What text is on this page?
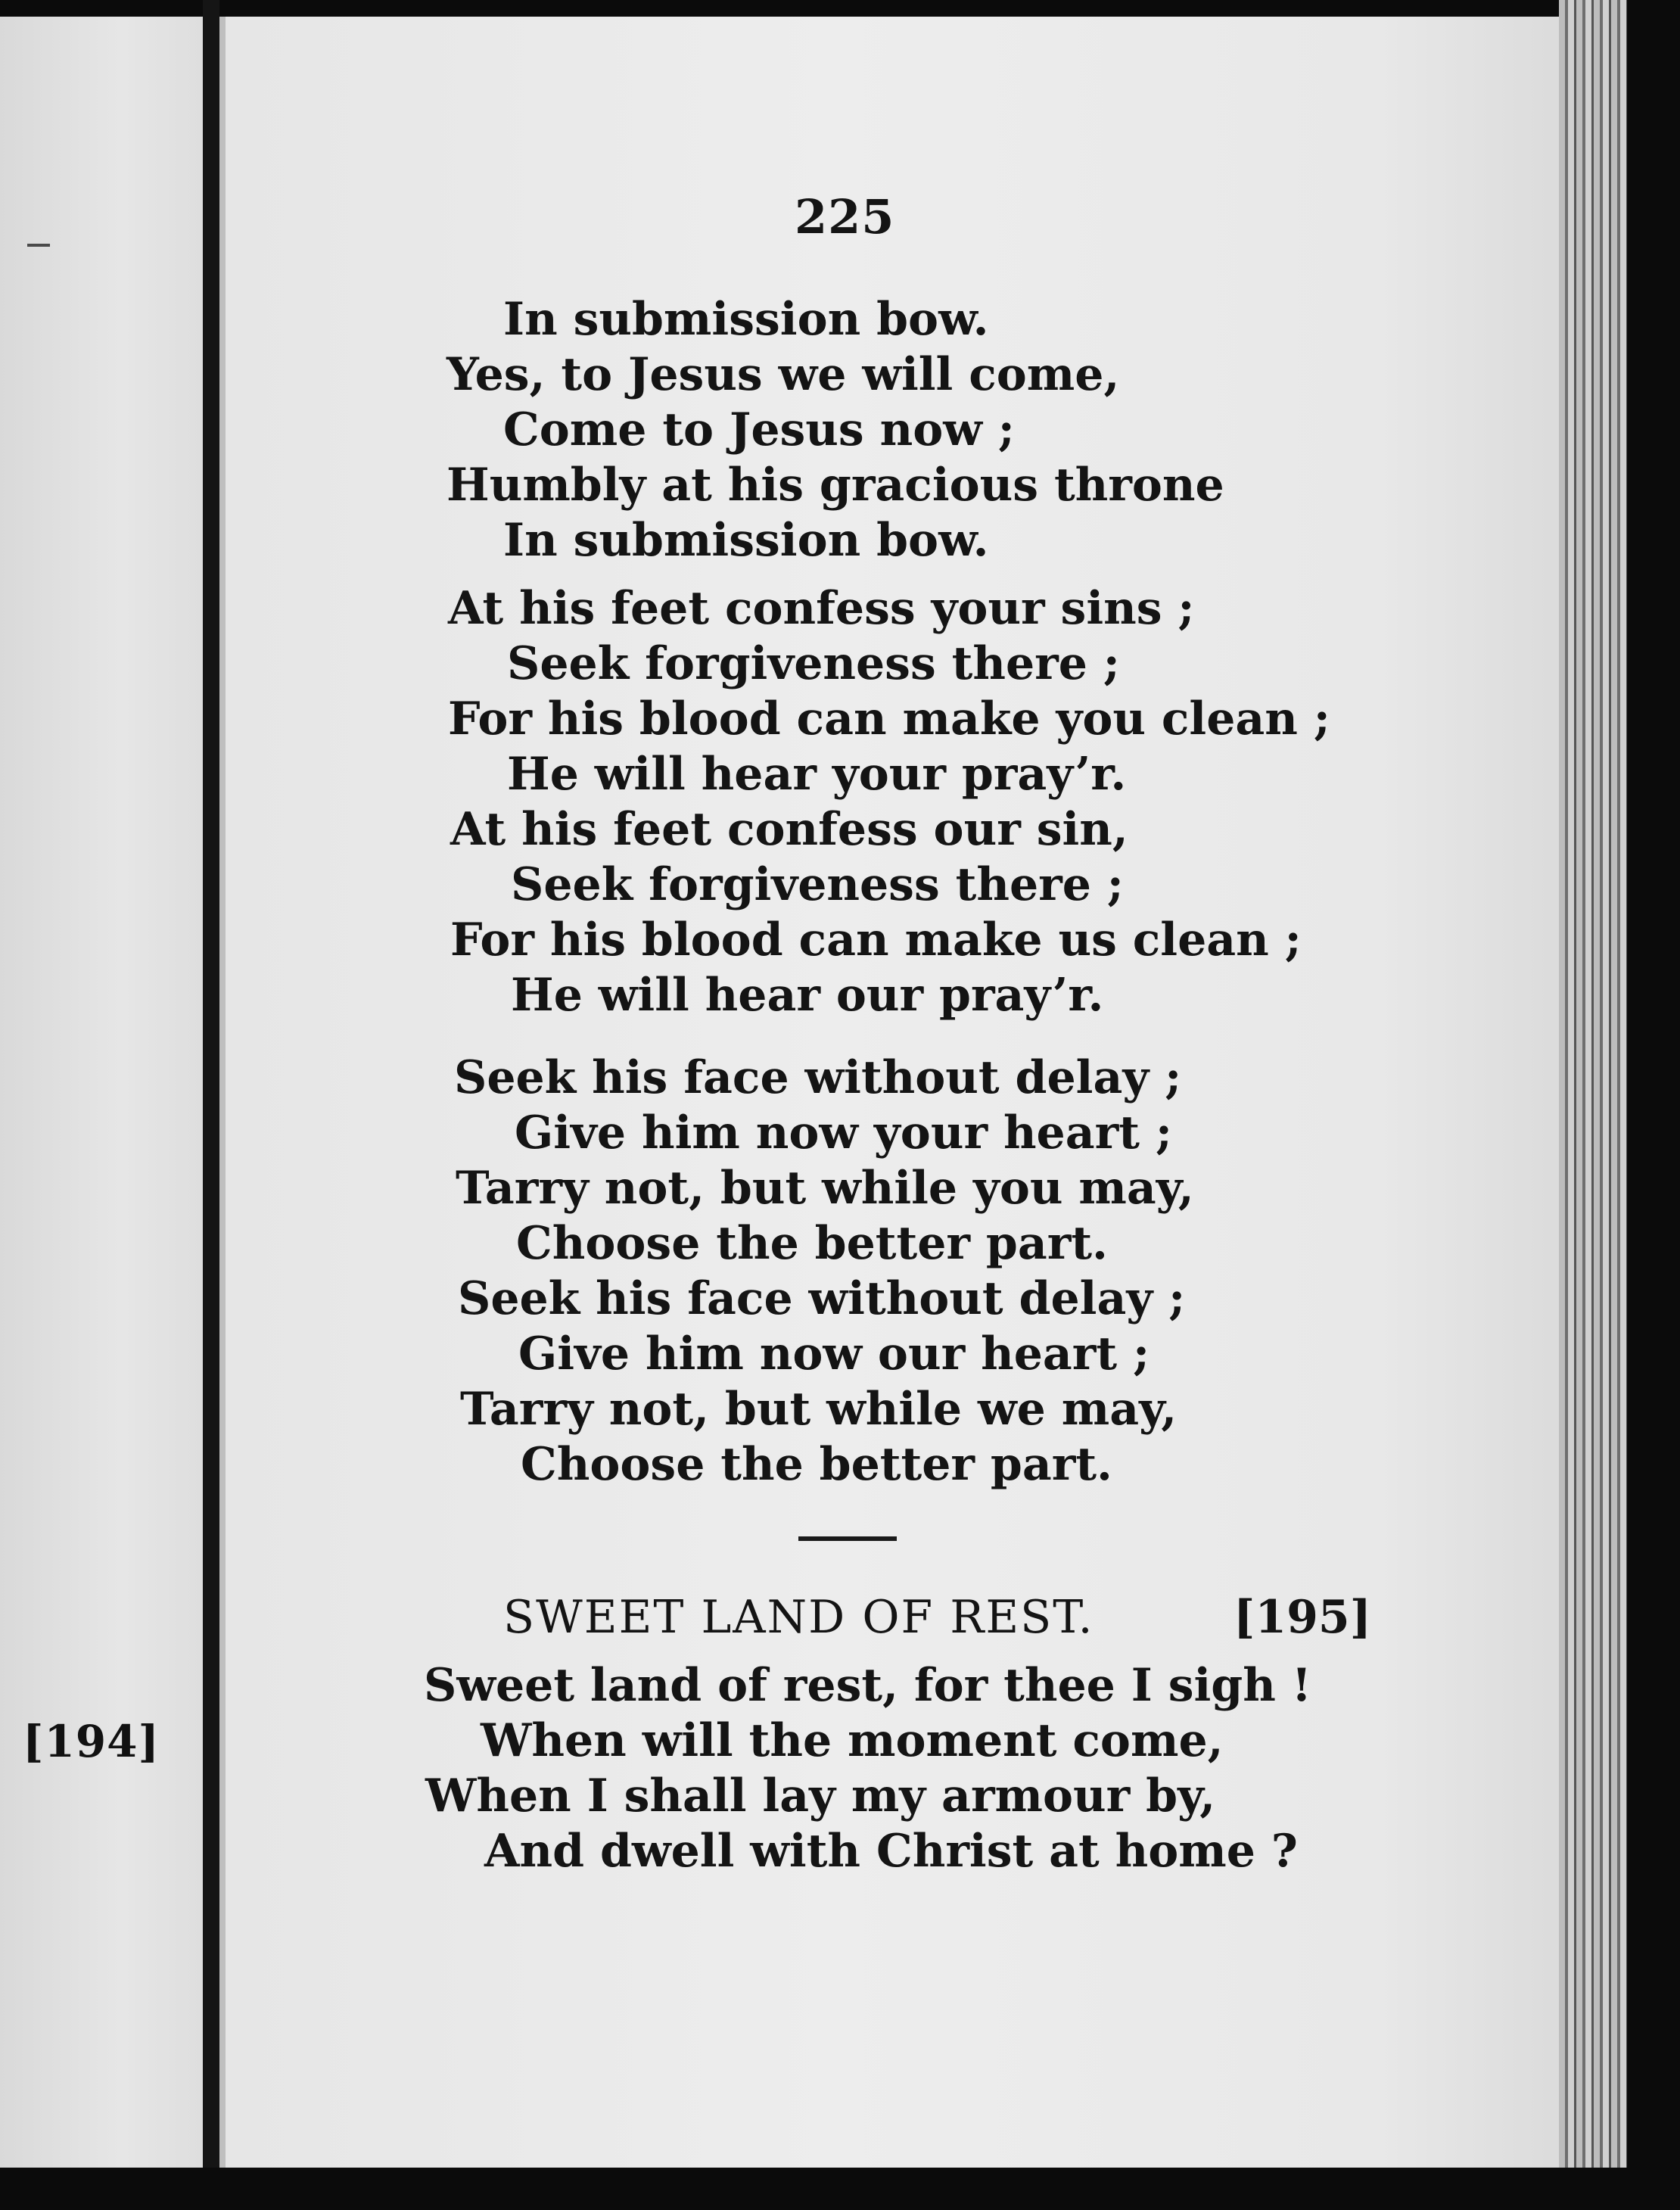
[194]
225
In submission bow.
Yes, to Jesus we will come,
Come to Jesus now ;
Humbly at his gracious throne
In submission bow.
At his feet confess your sins ;
Seek forgiveness there ;
For his blood can make you clean ;
He will hear your pray’r.
At his feet confess our sin,
Seek forgiveness there ;
For his blood can make us clean ;
He will hear our pray’r.
Seek his face without delay ;
Give him now your heart ;
Tarry not, but while you may,
Choose the better part.
Seek his face without delay ;
Give him now our heart ;
Tarry not, but while we may,
Choose the better part.
SWEET LAND OF REST.	[195]
Sweet land of rest, for thee I sigh !
When will the moment come,
When I shall lay my armour by,
And dwell with Christ at home ?
